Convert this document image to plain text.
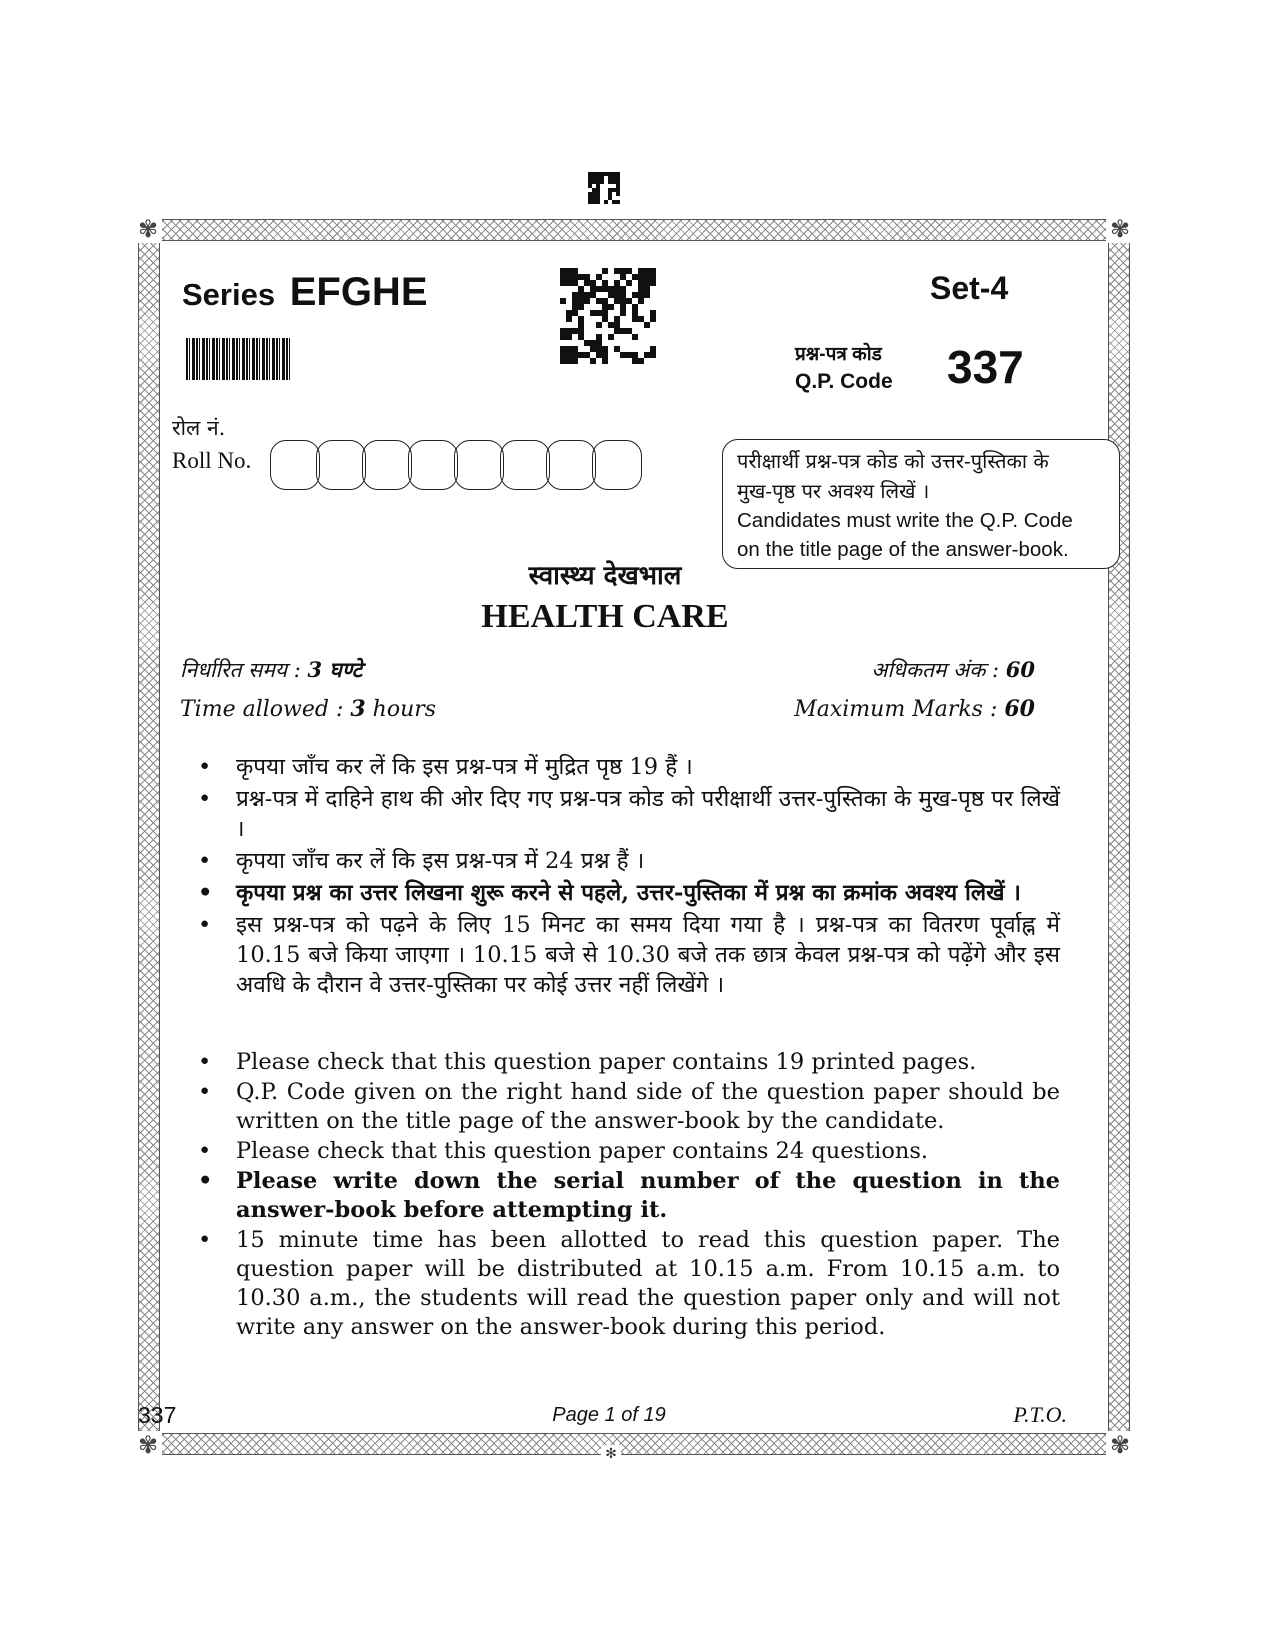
✾	✾
✾	✾
✻
Series EFGHE	Set-4
प्रश्न-पत्र कोड
Q.P. Code 337
रोल नं.
Roll No.	परीक्षार्थी प्रश्न-पत्र कोड को उत्तर-पुस्तिका के
मुख-पृष्ठ पर अवश्य लिखें ।
Candidates must write the Q.P. Code
on the title page of the answer-book.
स्वास्थ्य देखभाल
HEALTH CARE
निर्धारित समय : 3 घण्टे	अधिकतम अंक : 60
Time allowed : 3 hours	Maximum Marks : 60
• कृपया जाँच कर लें कि इस प्रश्न-पत्र में मुद्रित पृष्ठ 19 हैं ।
• प्रश्न-पत्र में दाहिने हाथ की ओर दिए गए प्रश्न-पत्र कोड को परीक्षार्थी उत्तर-पुस्तिका के मुख-पृष्ठ पर लिखें ।
• कृपया जाँच कर लें कि इस प्रश्न-पत्र में 24 प्रश्न हैं ।
• कृपया प्रश्न का उत्तर लिखना शुरू करने से पहले, उत्तर-पुस्तिका में प्रश्न का क्रमांक अवश्य लिखें ।
• इस प्रश्न-पत्र को पढ़ने के लिए 15 मिनट का समय दिया गया है । प्रश्न-पत्र का वितरण पूर्वाह्न में 10.15 बजे किया जाएगा । 10.15 बजे से 10.30 बजे तक छात्र केवल प्रश्न-पत्र को पढ़ेंगे और इस अवधि के दौरान वे उत्तर-पुस्तिका पर कोई उत्तर नहीं लिखेंगे ।
• Please check that this question paper contains 19 printed pages.
• Q.P. Code given on the right hand side of the question paper should be written on the title page of the answer-book by the candidate.
• Please check that this question paper contains 24 questions.
• Please write down the serial number of the question in the answer-book before attempting it.
• 15 minute time has been allotted to read this question paper. The question paper will be distributed at 10.15 a.m. From 10.15 a.m. to 10.30 a.m., the students will read the question paper only and will not write any answer on the answer-book during this period.
337	Page 1 of 19	P.T.O.
